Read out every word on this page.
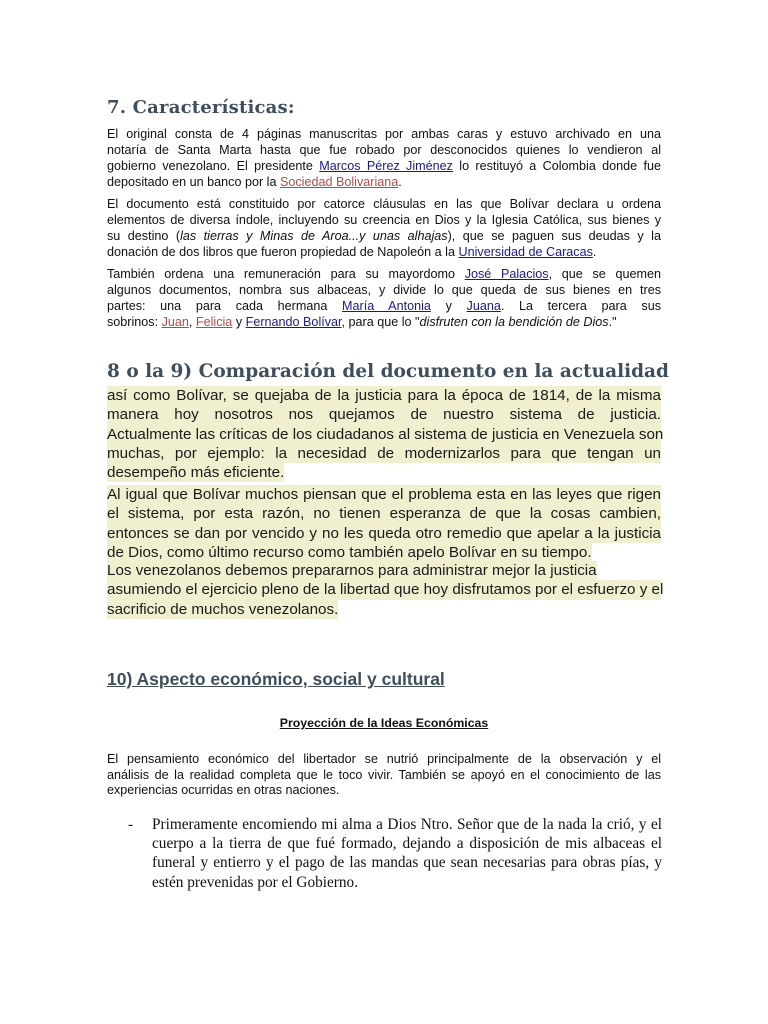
7. Características:

El original consta de 4 páginas manuscritas por ambas caras y estuvo archivado en una
notaría de Santa Marta hasta que fue robado por desconocidos quienes lo vendieron al
gobierno venezolano. El presidente Marcos Pérez Jiménez lo restituyó a Colombia donde fue
depositado en un banco por la Sociedad Bolivariana.

El documento está constituido por catorce cláusulas en las que Bolívar declara u ordena
elementos de diversa índole, incluyendo su creencia en Dios y la Iglesia Católica, sus bienes y
su destino (las tierras y Minas de Aroa...y unas alhajas), que se paguen sus deudas y la
donación de dos libros que fueron propiedad de Napoleón a la Universidad de Caracas.

También ordena una remuneración para su mayordomo José Palacios, que se quemen
algunos documentos, nombra sus albaceas, y divide lo que queda de sus bienes en tres
partes: una para cada hermana María Antonia y Juana. La tercera para sus
sobrinos: Juan, Felicia y Fernando Bolívar, para que lo "disfruten con la bendición de Dios."

8 o la 9) Comparación del documento en la actualidad

así como Bolívar, se quejaba de la justicia para la época de 1814, de la misma
manera hoy nosotros nos quejamos de nuestro sistema de justicia.
Actualmente las críticas de los ciudadanos al sistema de justicia en Venezuela son
muchas, por ejemplo: la necesidad de modernizarlos para que tengan un
desempeño más eficiente.

Al igual que Bolívar muchos piensan que el problema esta en las leyes que rigen
el sistema, por esta razón, no tienen esperanza de que la cosas cambien,
entonces se dan por vencido y no les queda otro remedio que apelar a la justicia
de Dios, como último recurso como también apelo Bolívar en su tiempo.

Los venezolanos debemos prepararnos para administrar mejor la justicia

asumiendo el ejercicio pleno de la libertad que hoy disfrutamos por el esfuerzo y el
sacrificio de muchos venezolanos.

10) Aspecto económico, social y cultural

Proyección de la Ideas Económicas

El pensamiento económico del libertador se nutrió principalmente de la observación y el
análisis de la realidad completa que le toco vivir. También se apoyó en el conocimiento de las
experiencias ocurridas en otras naciones.

- Primeramente encomiendo mi alma a Dios Ntro. Señor que de la nada la crió, y el
cuerpo a la tierra de que fué formado, dejando a disposición de mis albaceas el
funeral y entierro y el pago de las mandas que sean necesarias para obras pías, y
estén prevenidas por el Gobierno.
